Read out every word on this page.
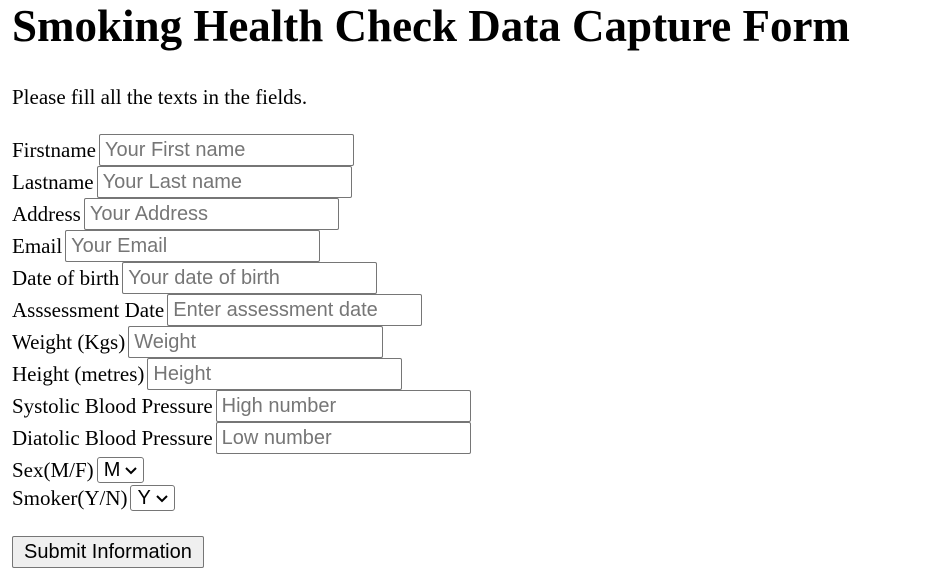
Smoking Health Check Data Capture Form

Please fill all the texts in the fields.

Firstname
Your First name
Lastname
Your Last name
Address
Your Address
Email
Your Email
Date of birth
Your date of birth
Asssessment Date
Enter assessment date
Weight (Kgs)
Weight
Height (metres)
Height
Systolic Blood Pressure
High number
Diatolic Blood Pressure
Low number
Sex(M/F) M
Smoker(Y/N) Y
Submit Information
